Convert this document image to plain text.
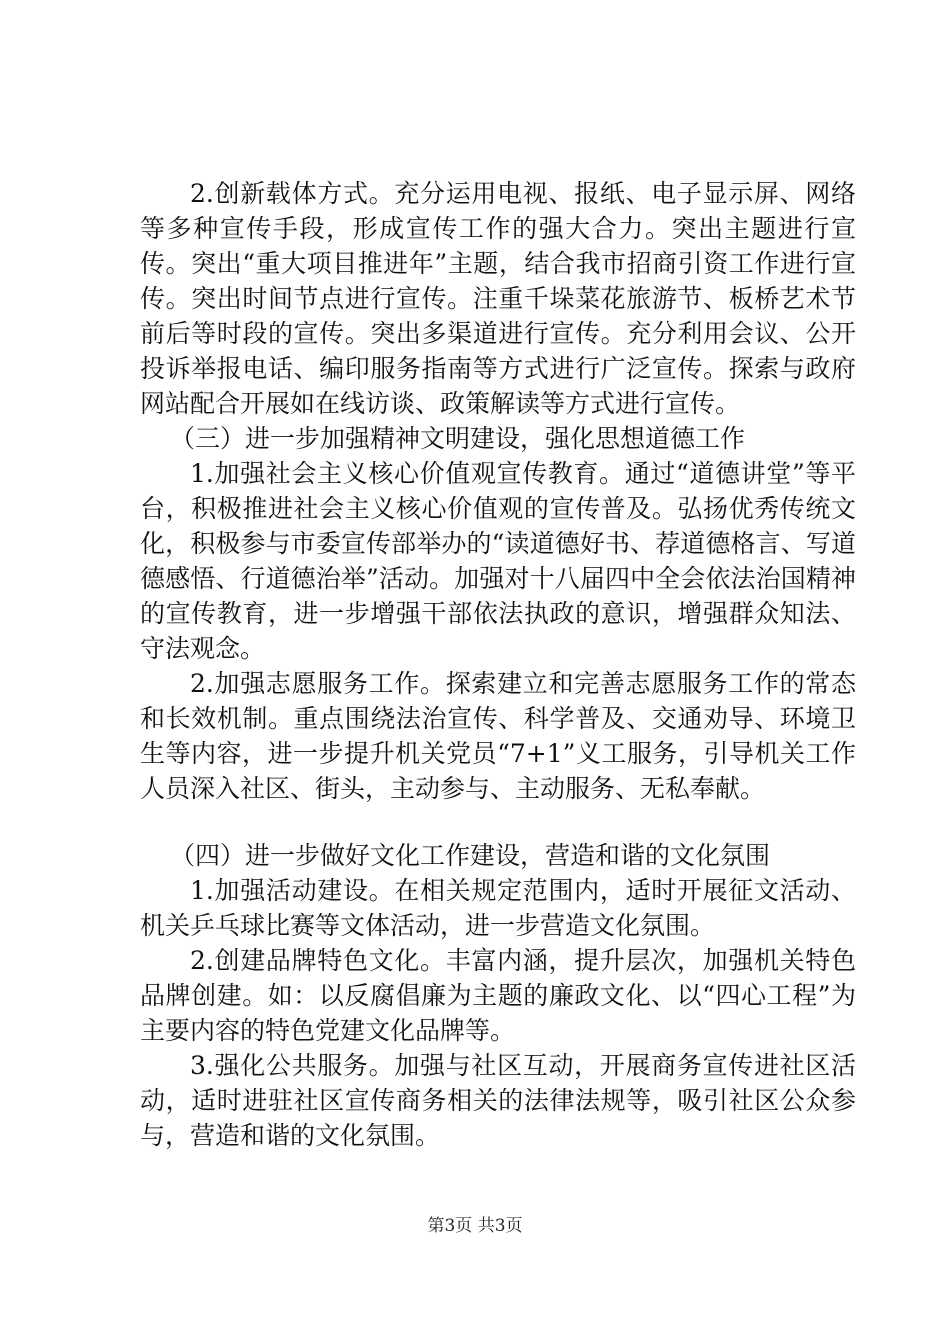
2.创新载体方式。充分运用电视、报纸、电子显示屏、网络等多种宣传手段，形成宣传工作的强大合力。突出主题进行宣传。突出“重大项目推进年”主题，结合我市招商引资工作进行宣传。突出时间节点进行宣传。注重千垛菜花旅游节、板桥艺术节前后等时段的宣传。突出多渠道进行宣传。充分利用会议、公开投诉举报电话、编印服务指南等方式进行广泛宣传。探索与政府网站配合开展如在线访谈、政策解读等方式进行宣传。

（三）进一步加强精神文明建设，强化思想道德工作

1.加强社会主义核心价值观宣传教育。通过“道德讲堂”等平台，积极推进社会主义核心价值观的宣传普及。弘扬优秀传统文化，积极参与市委宣传部举办的“读道德好书、荐道德格言、写道德感悟、行道德治举”活动。加强对十八届四中全会依法治国精神的宣传教育，进一步增强干部依法执政的意识，增强群众知法、守法观念。

2.加强志愿服务工作。探索建立和完善志愿服务工作的常态和长效机制。重点围绕法治宣传、科学普及、交通劝导、环境卫生等内容，进一步提升机关党员“7+1”义工服务，引导机关工作人员深入社区、街头，主动参与、主动服务、无私奉献。

（四）进一步做好文化工作建设，营造和谐的文化氛围

1.加强活动建设。在相关规定范围内，适时开展征文活动、机关乒乓球比赛等文体活动，进一步营造文化氛围。

2.创建品牌特色文化。丰富内涵，提升层次，加强机关特色品牌创建。如：以反腐倡廉为主题的廉政文化、以“四心工程”为主要内容的特色党建文化品牌等。

3.强化公共服务。加强与社区互动，开展商务宣传进社区活动，适时进驻社区宣传商务相关的法律法规等，吸引社区公众参与，营造和谐的文化氛围。

第3页 共3页
